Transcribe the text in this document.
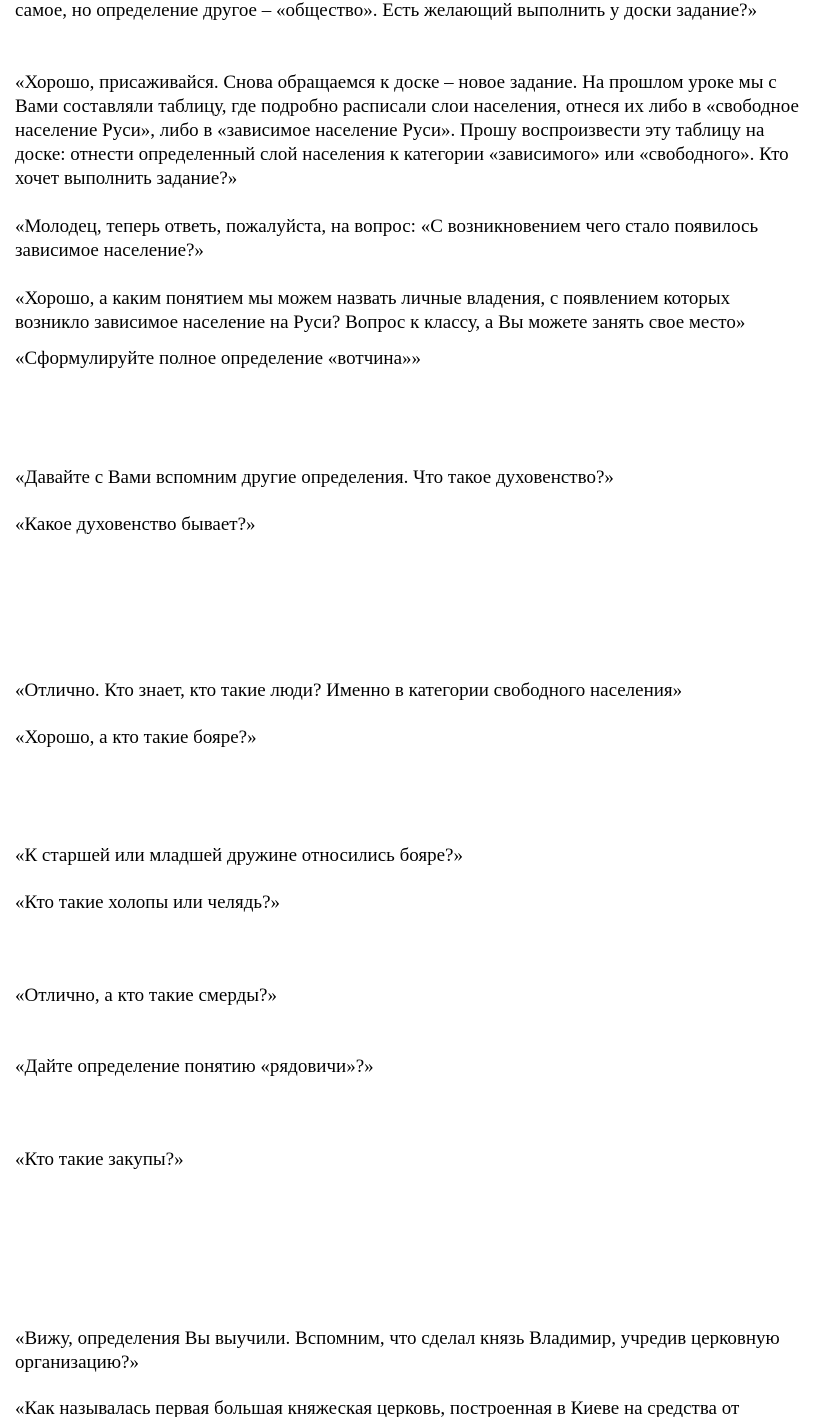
самое, но определение другое – «общество». Есть желающий выполнить у доски задание?»

«Хорошо, присаживайся. Снова обращаемся к доске – новое задание. На прошлом уроке мы с Вами составляли таблицу, где подробно расписали слои населения, отнеся их либо в «свободное население Руси», либо в «зависимое население Руси». Прошу воспроизвести эту таблицу на доске: отнести определенный слой населения к категории «зависимого» или «свободного». Кто хочет выполнить задание?»

«Молодец, теперь ответь, пожалуйста, на вопрос: «С возникновением чего стало появилось зависимое население?»

«Хорошо, а каким понятием мы можем назвать личные владения, с появлением которых возникло зависимое население на Руси? Вопрос к классу, а Вы можете занять свое место»

«Сформулируйте полное определение «вотчина»»

«Давайте с Вами вспомним другие определения. Что такое духовенство?»

«Какое духовенство бывает?»

«Отлично. Кто знает, кто такие люди? Именно в категории свободного населения»

«Хорошо, а кто такие бояре?»

«К старшей или младшей дружине относились бояре?»

«Кто такие холопы или челядь?»

«Отлично, а кто такие смерды?»

«Дайте определение понятию «рядовичи»?»

«Кто такие закупы?»

«Вижу, определения Вы выучили. Вспомним, что сделал князь Владимир, учредив церковную организацию?»

«Как называлась первая большая княжеская церковь, построенная в Киеве на средства от
